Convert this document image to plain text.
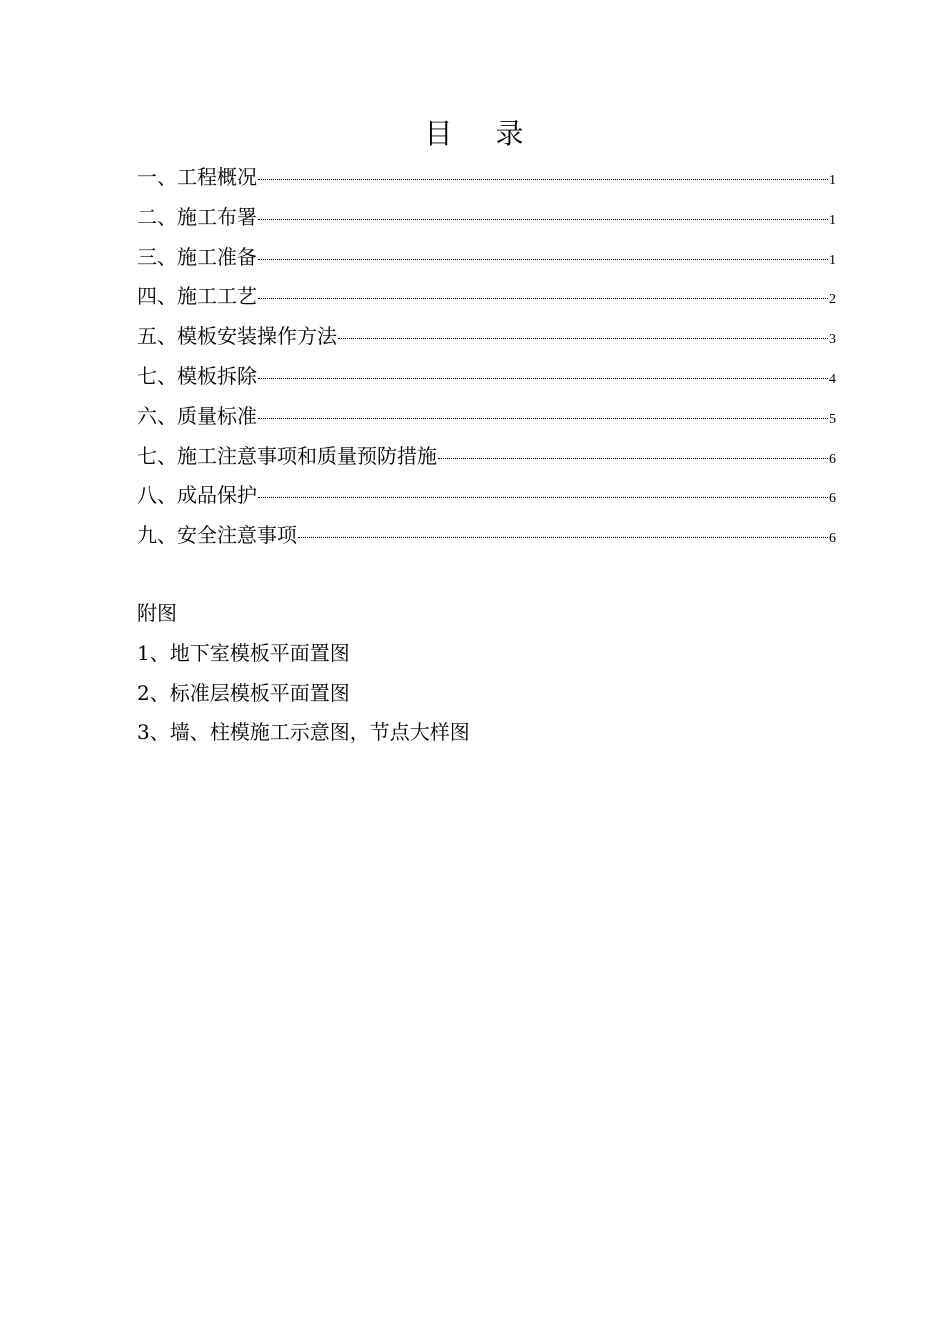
目　 录
一、工程概况	1
二、施工布署	1
三、施工准备	1
四、施工工艺	2
五、模板安装操作方法	3
七、模板拆除	4
六、质量标准	5
七、施工注意事项和质量预防措施	6
八、成品保护	6
九、安全注意事项	6
附图
1、地下室模板平面置图
2、标准层模板平面置图
3、墙、柱模施工示意图，节点大样图
